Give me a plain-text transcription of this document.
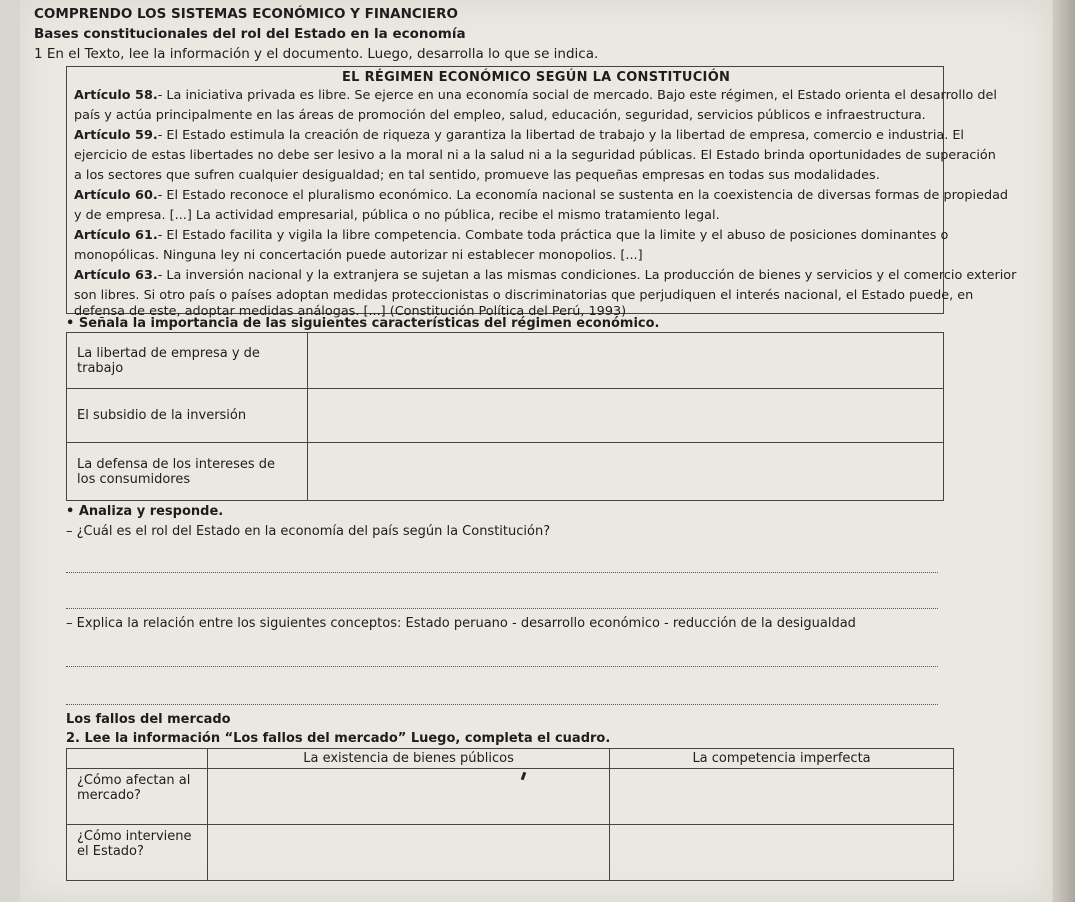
COMPRENDO LOS SISTEMAS ECONÓMICO Y FINANCIERO
Bases constitucionales del rol del Estado en la economía
1 En el Texto, lee la información y el documento. Luego, desarrolla lo que se indica.
EL RÉGIMEN ECONÓMICO SEGÚN LA CONSTITUCIÓN
Artículo 58.- La iniciativa privada es libre. Se ejerce en una economía social de mercado. Bajo este régimen, el Estado orienta el desarrollo del
país y actúa principalmente en las áreas de promoción del empleo, salud, educación, seguridad, servicios públicos e infraestructura.
Artículo 59.- El Estado estimula la creación de riqueza y garantiza la libertad de trabajo y la libertad de empresa, comercio e industria. El
ejercicio de estas libertades no debe ser lesivo a la moral ni a la salud ni a la seguridad públicas. El Estado brinda oportunidades de superación
a los sectores que sufren cualquier desigualdad; en tal sentido, promueve las pequeñas empresas en todas sus modalidades.
Artículo 60.- El Estado reconoce el pluralismo económico. La economía nacional se sustenta en la coexistencia de diversas formas de propiedad
y de empresa. [...] La actividad empresarial, pública o no pública, recibe el mismo tratamiento legal.
Artículo 61.- El Estado facilita y vigila la libre competencia. Combate toda práctica que la limite y el abuso de posiciones dominantes o
monopólicas. Ninguna ley ni concertación puede autorizar ni establecer monopolios. [...]
Artículo 63.- La inversión nacional y la extranjera se sujetan a las mismas condiciones. La producción de bienes y servicios y el comercio exterior
son libres. Si otro país o países adoptan medidas proteccionistas o discriminatorias que perjudiquen el interés nacional, el Estado puede, en
defensa de este, adoptar medidas análogas. [...] (Constitución Política del Perú, 1993)
• Señala la importancia de las siguientes características del régimen económico.
La libertad de empresa y de trabajo	
El subsidio de la inversión	
La defensa de los intereses de los consumidores	
• Analiza y responde.
– ¿Cuál es el rol del Estado en la economía del país según la Constitución?
– Explica la relación entre los siguientes conceptos: Estado peruano - desarrollo económico - reducción de la desigualdad
Los fallos del mercado
2. Lee la información “Los fallos del mercado” Luego, completa el cuadro.
	La existencia de bienes públicos	La competencia imperfecta
¿Cómo afectan al mercado?		
¿Cómo interviene el Estado?		
